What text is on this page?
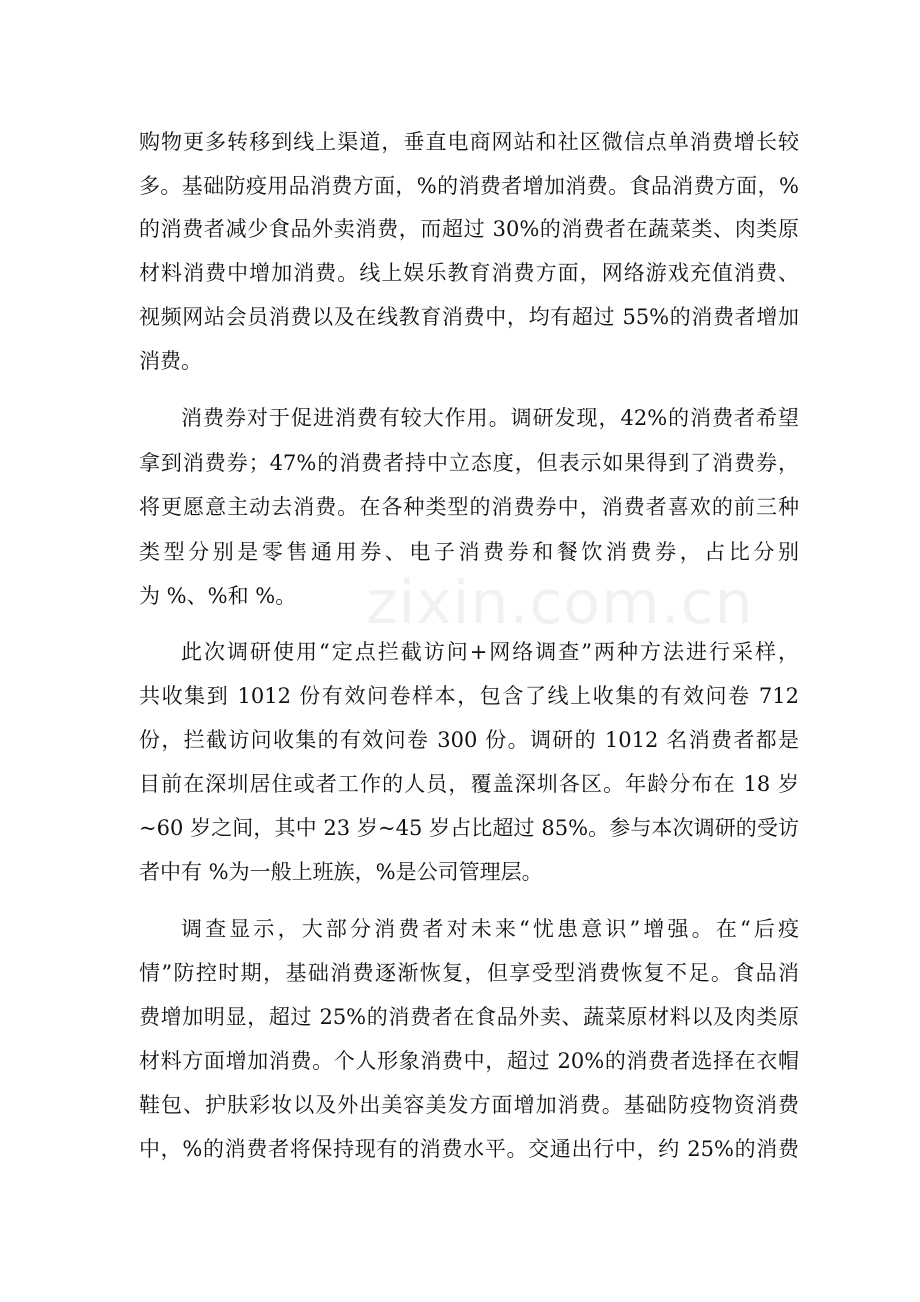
zixin.com.cn
购物更多转移到线上渠道，垂直电商网站和社区微信点单消费增长较
多。基础防疫用品消费方面，%的消费者增加消费。食品消费方面，%
的消费者减少食品外卖消费，而超过 30%的消费者在蔬菜类、肉类原
材料消费中增加消费。线上娱乐教育消费方面，网络游戏充值消费、
视频网站会员消费以及在线教育消费中，均有超过 55%的消费者增加
消费。
消费券对于促进消费有较大作用。调研发现，42%的消费者希望
拿到消费券；47%的消费者持中立态度，但表示如果得到了消费券，
将更愿意主动去消费。在各种类型的消费券中，消费者喜欢的前三种
类型分别是零售通用券、电子消费券和餐饮消费券，占比分别
为 %、%和 %。
此次调研使用“定点拦截访问+网络调查”两种方法进行采样，
共收集到 1012 份有效问卷样本，包含了线上收集的有效问卷 712
份，拦截访问收集的有效问卷 300 份。调研的 1012 名消费者都是
目前在深圳居住或者工作的人员，覆盖深圳各区。年龄分布在 18 岁
~60 岁之间，其中 23 岁~45 岁占比超过 85%。参与本次调研的受访
者中有 %为一般上班族，%是公司管理层。
调查显示，大部分消费者对未来“忧患意识”增强。在“后疫
情”防控时期，基础消费逐渐恢复，但享受型消费恢复不足。食品消
费增加明显，超过 25%的消费者在食品外卖、蔬菜原材料以及肉类原
材料方面增加消费。个人形象消费中，超过 20%的消费者选择在衣帽
鞋包、护肤彩妆以及外出美容美发方面增加消费。基础防疫物资消费
中，%的消费者将保持现有的消费水平。交通出行中，约 25%的消费
